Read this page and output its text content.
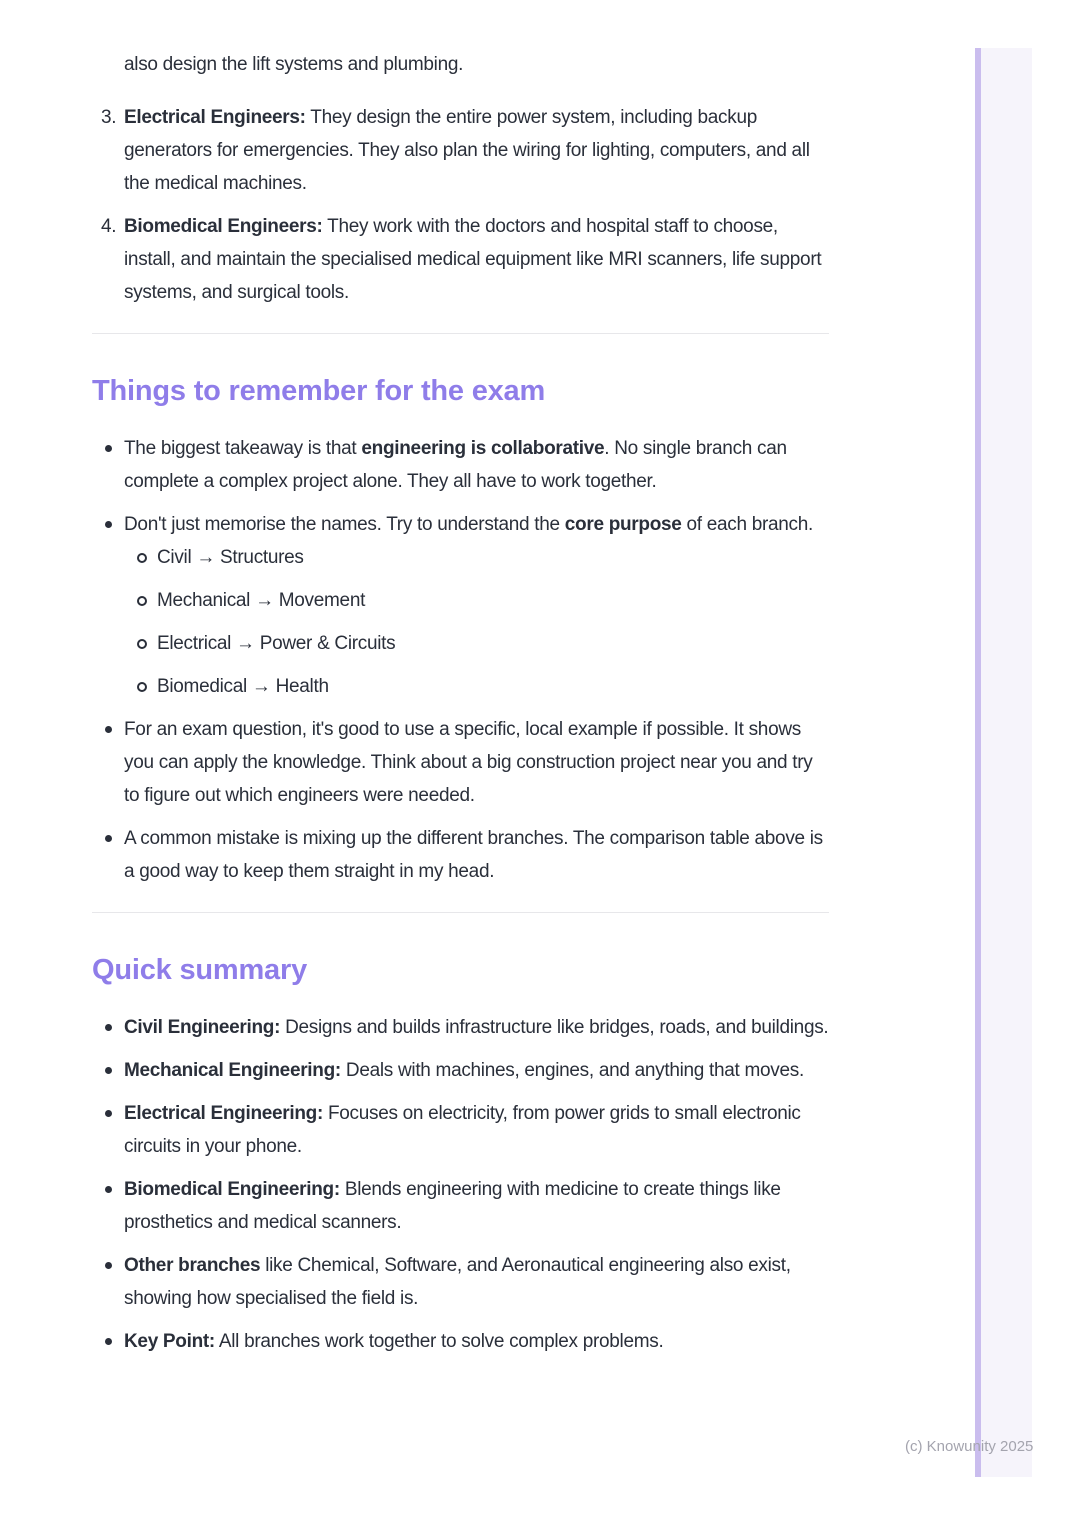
also design the lift systems and plumbing.

3. Electrical Engineers: They design the entire power system, including backup generators for emergencies. They also plan the wiring for lighting, computers, and all the medical machines.
4. Biomedical Engineers: They work with the doctors and hospital staff to choose, install, and maintain the specialised medical equipment like MRI scanners, life support systems, and surgical tools.
Things to remember for the exam
The biggest takeaway is that engineering is collaborative. No single branch can complete a complex project alone. They all have to work together.
Don't just memorise the names. Try to understand the core purpose of each branch.
Civil → Structures
Mechanical → Movement
Electrical → Power & Circuits
Biomedical → Health
For an exam question, it's good to use a specific, local example if possible. It shows you can apply the knowledge. Think about a big construction project near you and try to figure out which engineers were needed.
A common mistake is mixing up the different branches. The comparison table above is a good way to keep them straight in my head.
Quick summary
Civil Engineering: Designs and builds infrastructure like bridges, roads, and buildings.
Mechanical Engineering: Deals with machines, engines, and anything that moves.
Electrical Engineering: Focuses on electricity, from power grids to small electronic circuits in your phone.
Biomedical Engineering: Blends engineering with medicine to create things like prosthetics and medical scanners.
Other branches like Chemical, Software, and Aeronautical engineering also exist, showing how specialised the field is.
Key Point: All branches work together to solve complex problems.
(c) Knowunity 2025
